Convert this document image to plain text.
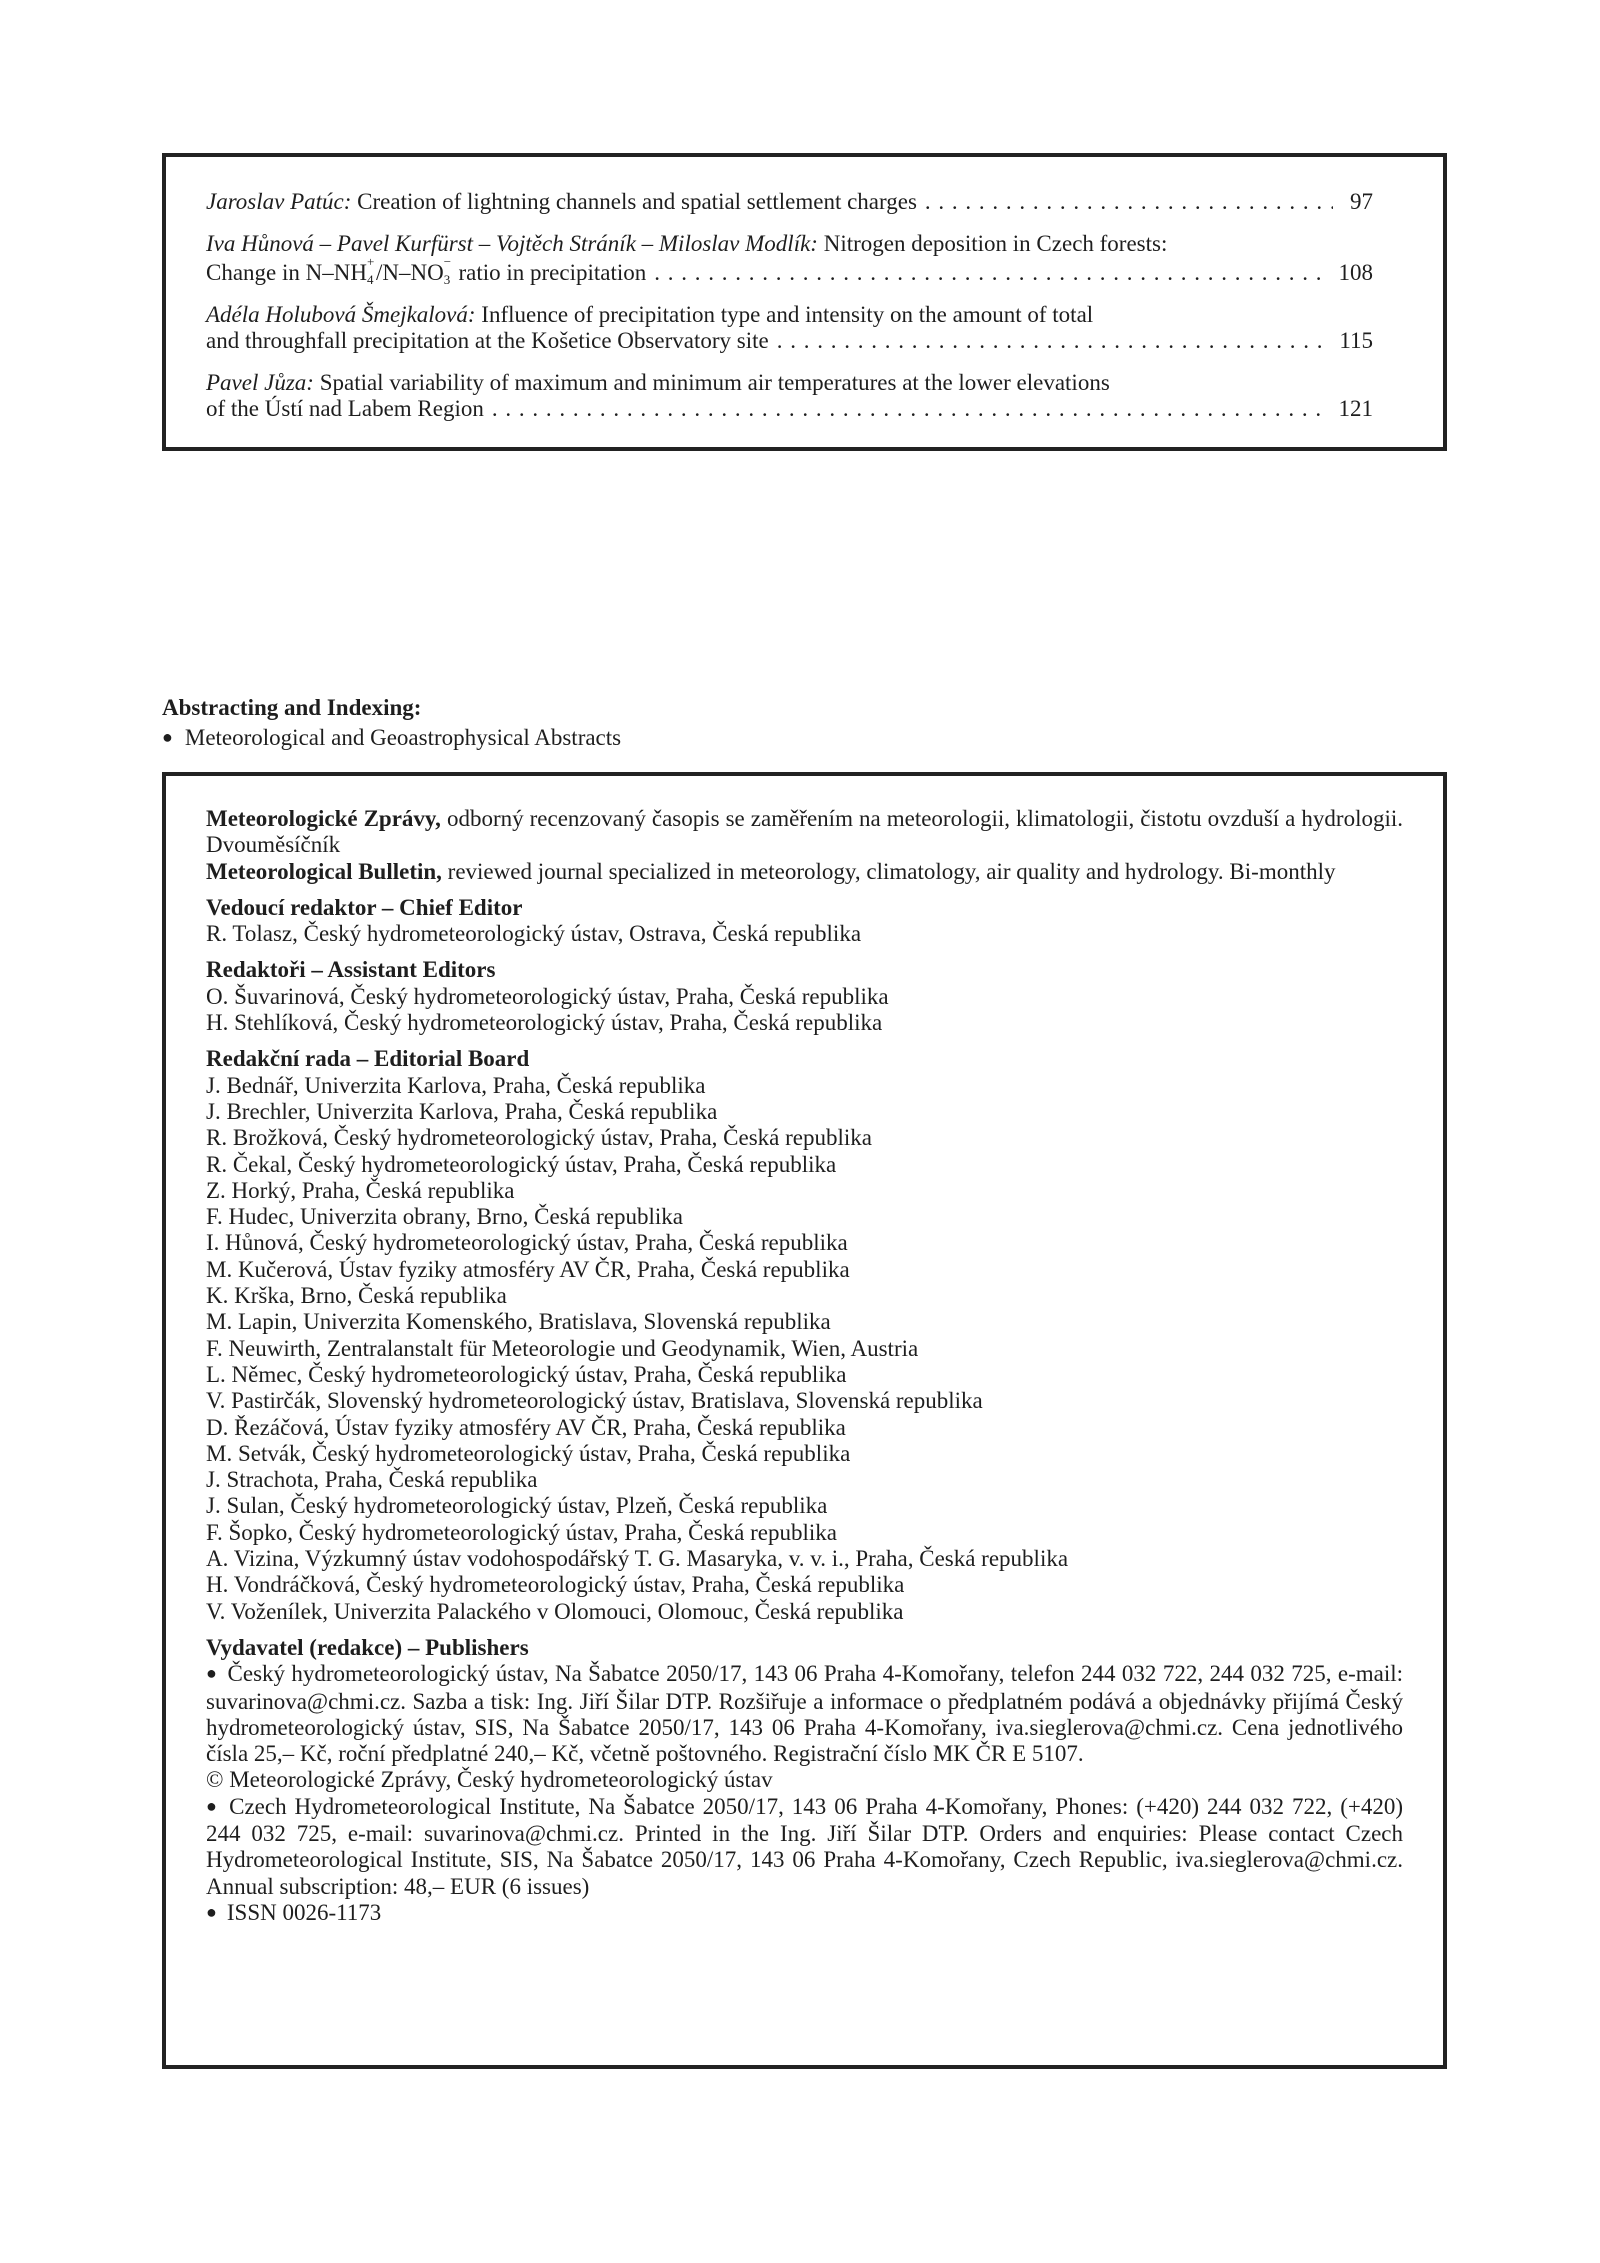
Jaroslav Patúc: Creation of lightning channels and spatial settlement charges . . .	97
Iva Hůnová – Pavel Kurfürst – Vojtěch Stráník – Miloslav Modlík: Nitrogen deposition in Czech forests:
Change in N–NH +
4 /N–NO −
3 ratio in precipitation . . .	108
Adéla Holubová Šmejkalová: Influence of precipitation type and intensity on the amount of total
and throughfall precipitation at the Košetice Observatory site . . .	115
Pavel Jůza: Spatial variability of maximum and minimum air temperatures at the lower elevations
of the Ústí nad Labem Region . . .	121
Abstracting and Indexing:
● Meteorological and Geoastrophysical Abstracts
Meteorologické Zprávy, odborný recenzovaný časopis se zaměřením na meteorologii, klimatologii, čistotu ovzduší a hydrologii. Dvouměsíčník
Meteorological Bulletin, reviewed journal specialized in meteorology, climatology, air quality and hydrology. Bi-monthly
Vedoucí redaktor – Chief Editor
R. Tolasz, Český hydrometeorologický ústav, Ostrava, Česká republika
Redaktoři – Assistant Editors
O. Šuvarinová, Český hydrometeorologický ústav, Praha, Česká republika
H. Stehlíková, Český hydrometeorologický ústav, Praha, Česká republika
Redakční rada – Editorial Board
J. Bednář, Univerzita Karlova, Praha, Česká republika
J. Brechler, Univerzita Karlova, Praha, Česká republika
R. Brožková, Český hydrometeorologický ústav, Praha, Česká republika
R. Čekal, Český hydrometeorologický ústav, Praha, Česká republika
Z. Horký, Praha, Česká republika
F. Hudec, Univerzita obrany, Brno, Česká republika
I. Hůnová, Český hydrometeorologický ústav, Praha, Česká republika
M. Kučerová, Ústav fyziky atmosféry AV ČR, Praha, Česká republika
K. Krška, Brno, Česká republika
M. Lapin, Univerzita Komenského, Bratislava, Slovenská republika
F. Neuwirth, Zentralanstalt für Meteorologie und Geodynamik, Wien, Austria
L. Němec, Český hydrometeorologický ústav, Praha, Česká republika
V. Pastirčák, Slovenský hydrometeorologický ústav, Bratislava, Slovenská republika
D. Řezáčová, Ústav fyziky atmosféry AV ČR, Praha, Česká republika
M. Setvák, Český hydrometeorologický ústav, Praha, Česká republika
J. Strachota, Praha, Česká republika
J. Sulan, Český hydrometeorologický ústav, Plzeň, Česká republika
F. Šopko, Český hydrometeorologický ústav, Praha, Česká republika
A. Vizina, Výzkumný ústav vodohospodářský T. G. Masaryka, v. v. i., Praha, Česká republika
H. Vondráčková, Český hydrometeorologický ústav, Praha, Česká republika
V. Voženílek, Univerzita Palackého v Olomouci, Olomouc, Česká republika
Vydavatel (redakce) – Publishers
● Český hydrometeorologický ústav, Na Šabatce 2050/17, 143 06 Praha 4-Komořany, telefon 244 032 722, 244 032 725, e-mail: suvarinova@chmi.cz. Sazba a tisk: Ing. Jiří Šilar DTP. Rozšiřuje a informace o předplatném podává a objednávky přijímá Český hydrometeorologický ústav, SIS, Na Šabatce 2050/17, 143 06 Praha 4-Komořany, iva.sieglerova@chmi.cz. Cena jednotlivého čísla 25,– Kč, roční předplatné 240,– Kč, včetně poštovného. Registrační číslo MK ČR E 5107.
© Meteorologické Zprávy, Český hydrometeorologický ústav
● Czech Hydrometeorological Institute, Na Šabatce 2050/17, 143 06 Praha 4-Komořany, Phones: (+420) 244 032 722, (+420) 244 032 725, e-mail: suvarinova@chmi.cz. Printed in the Ing. Jiří Šilar DTP. Orders and enquiries: Please contact Czech Hydrometeorological Institute, SIS, Na Šabatce 2050/17, 143 06 Praha 4-Komořany, Czech Republic, iva.sieglerova@chmi.cz. Annual subscription: 48,– EUR (6 issues)
● ISSN 0026-1173
